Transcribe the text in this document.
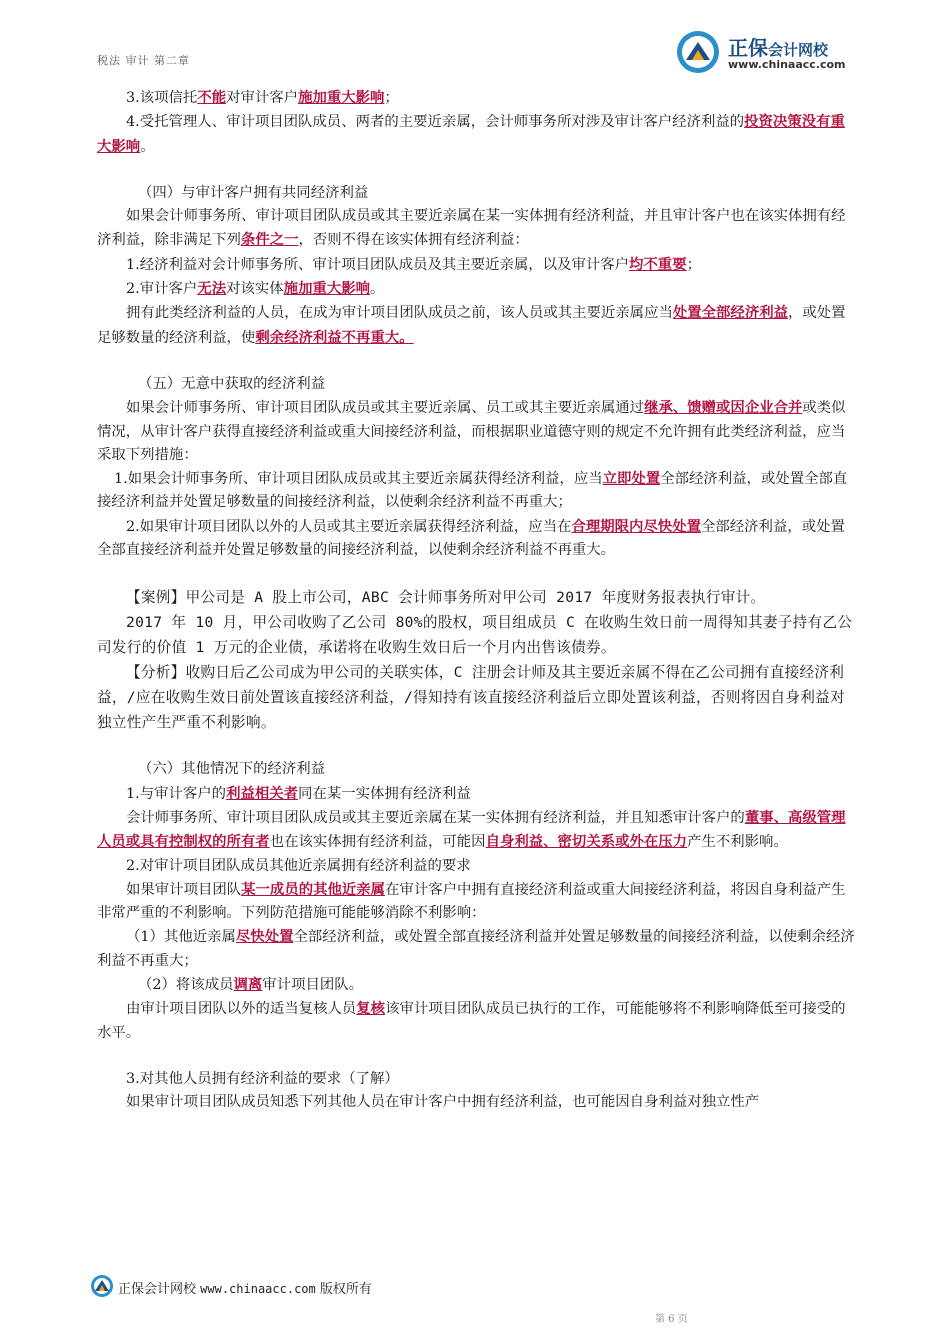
税法 审计 第二章
正保会计网校
www.chinaacc.com

3.该项信托不能对审计客户施加重大影响；

4.受托管理人、审计项目团队成员、两者的主要近亲属，会计师事务所对涉及审计客户经济利益的投资决策没有重大影响。

（四）与审计客户拥有共同经济利益

如果会计师事务所、审计项目团队成员或其主要近亲属在某一实体拥有经济利益，并且审计客户也在该实体拥有经济利益，除非满足下列条件之一，否则不得在该实体拥有经济利益：

1.经济利益对会计师事务所、审计项目团队成员及其主要近亲属，以及审计客户均不重要；

2.审计客户无法对该实体施加重大影响。

拥有此类经济利益的人员，在成为审计项目团队成员之前，该人员或其主要近亲属应当处置全部经济利益，或处置足够数量的经济利益，使剩余经济利益不再重大。

（五）无意中获取的经济利益

如果会计师事务所、审计项目团队成员或其主要近亲属、员工或其主要近亲属通过继承、馈赠或因企业合并或类似情况，从审计客户获得直接经济利益或重大间接经济利益，而根据职业道德守则的规定不允许拥有此类经济利益，应当采取下列措施：

1.如果会计师事务所、审计项目团队成员或其主要近亲属获得经济利益，应当立即处置全部经济利益，或处置全部直接经济利益并处置足够数量的间接经济利益，以使剩余经济利益不再重大；

2.如果审计项目团队以外的人员或其主要近亲属获得经济利益，应当在合理期限内尽快处置全部经济利益，或处置全部直接经济利益并处置足够数量的间接经济利益，以使剩余经济利益不再重大。

【案例】甲公司是 A 股上市公司，ABC 会计师事务所对甲公司 2017 年度财务报表执行审计。

2017 年 10 月，甲公司收购了乙公司 80%的股权，项目组成员 C 在收购生效日前一周得知其妻子持有乙公司发行的价值 1 万元的企业债，承诺将在收购生效日后一个月内出售该债券。

【分析】收购日后乙公司成为甲公司的关联实体，C 注册会计师及其主要近亲属不得在乙公司拥有直接经济利益，/应在收购生效日前处置该直接经济利益，/得知持有该直接经济利益后立即处置该利益，否则将因自身利益对独立性产生严重不利影响。

（六）其他情况下的经济利益

1.与审计客户的利益相关者同在某一实体拥有经济利益

会计师事务所、审计项目团队成员或其主要近亲属在某一实体拥有经济利益，并且知悉审计客户的董事、高级管理人员或具有控制权的所有者也在该实体拥有经济利益，可能因自身利益、密切关系或外在压力产生不利影响。

2.对审计项目团队成员其他近亲属拥有经济利益的要求

如果审计项目团队某一成员的其他近亲属在审计客户中拥有直接经济利益或重大间接经济利益，将因自身利益产生非常严重的不利影响。下列防范措施可能能够消除不利影响：

（1）其他近亲属尽快处置全部经济利益，或处置全部直接经济利益并处置足够数量的间接经济利益，以使剩余经济利益不再重大；

（2）将该成员调离审计项目团队。

由审计项目团队以外的适当复核人员复核该审计项目团队成员已执行的工作，可能能够将不利影响降低至可接受的水平。

3.对其他人员拥有经济利益的要求（了解）

如果审计项目团队成员知悉下列其他人员在审计客户中拥有经济利益，也可能因自身利益对独立性产

正保会计网校 www.chinaacc.com 版权所有
第 6 页
